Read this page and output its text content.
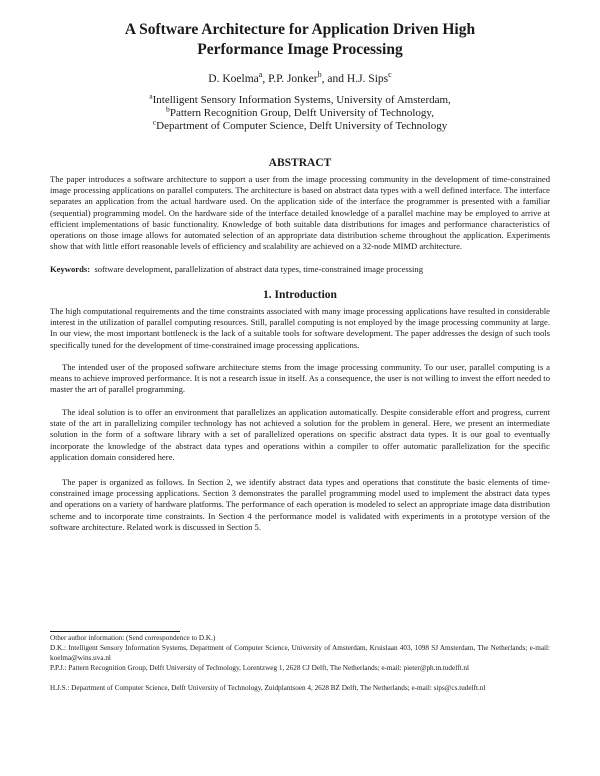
A Software Architecture for Application Driven High
Performance Image Processing
D. Koelma$^a$, P.P. Jonker$^b$, and H.J. Sips$^c$
$^a$Intelligent Sensory Information Systems, University of Amsterdam,
$^b$Pattern Recognition Group, Delft University of Technology,
$^c$Department of Computer Science, Delft University of Technology
ABSTRACT
The paper introduces a software architecture to support a user from the image processing community in the development of time-constrained image processing applications on parallel computers. The architecture is based on abstract data types with a well defined interface. The interface separates an application from the actual hardware used. On the application side of the interface the programmer is presented with a familiar (sequential) programming model. On the hardware side of the interface detailed knowledge of a parallel machine may be employed to arrive at efficient implementations of basic functionality. Knowledge of both suitable data distributions for images and performance characteristics of operations on those image allows for automated selection of an appropriate data distribution scheme throughout the application. Experiments show that with little effort reasonable levels of efficiency and scalability are achieved on a 32-node MIMD architecture.
Keywords: software development, parallelization of abstract data types, time-constrained image processing
1. Introduction
The high computational requirements and the time constraints associated with many image processing applications have resulted in considerable interest in the utilization of parallel computing resources. Still, parallel computing is not employed by the image processing community at large. In our view, the most important bottleneck is the lack of a suitable tools for software development. The paper addresses the design of such tools specifically tuned for the development of time-constrained image processing applications.
The intended user of the proposed software architecture stems from the image processing community. To our user, parallel computing is a means to achieve improved performance. It is not a research issue in itself. As a consequence, the user is not willing to invest the effort needed to master the art of parallel programming.
The ideal solution is to offer an environment that parallelizes an application automatically. Despite considerable effort and progress, current state of the art in parallelizing compiler technology has not achieved a solution for the problem in general. Here, we present an intermediate solution in the form of a software library with a set of parallelized operations on specific abstract data types. It is our goal to eventually incorporate the knowledge of the abstract data types and operations within a compiler to offer automatic parallelization for the specific application domain considered here.
The paper is organized as follows. In Section 2, we identify abstract data types and operations that constitute the basic elements of time-constrained image processing applications. Section 3 demonstrates the parallel programming model used to implement the abstract data types and operations on a variety of hardware platforms. The performance of each operation is modeled to select an appropriate image data distribution scheme and to incorporate time constraints. In Section 4 the performance model is validated with experiments in a prototype version of the software architecture. Related work is discussed in Section 5.
Other author information: (Send correspondence to D.K.)
D.K.: Intelligent Sensory Information Systems, Department of Computer Science, University of Amsterdam, Kruislaan 403, 1098 SJ Amsterdam, The Netherlands; e-mail: koelma@wins.uva.nl
P.P.J.: Pattern Recognition Group, Delft University of Technology, Lorentzweg 1, 2628 CJ Delft, The Netherlands; e-mail: pieter@ph.tn.tudelft.nl
H.J.S.: Department of Computer Science, Delft University of Technology, Zuidplantsoen 4, 2628 BZ Delft, The Netherlands; e-mail: sips@cs.tudelft.nl
